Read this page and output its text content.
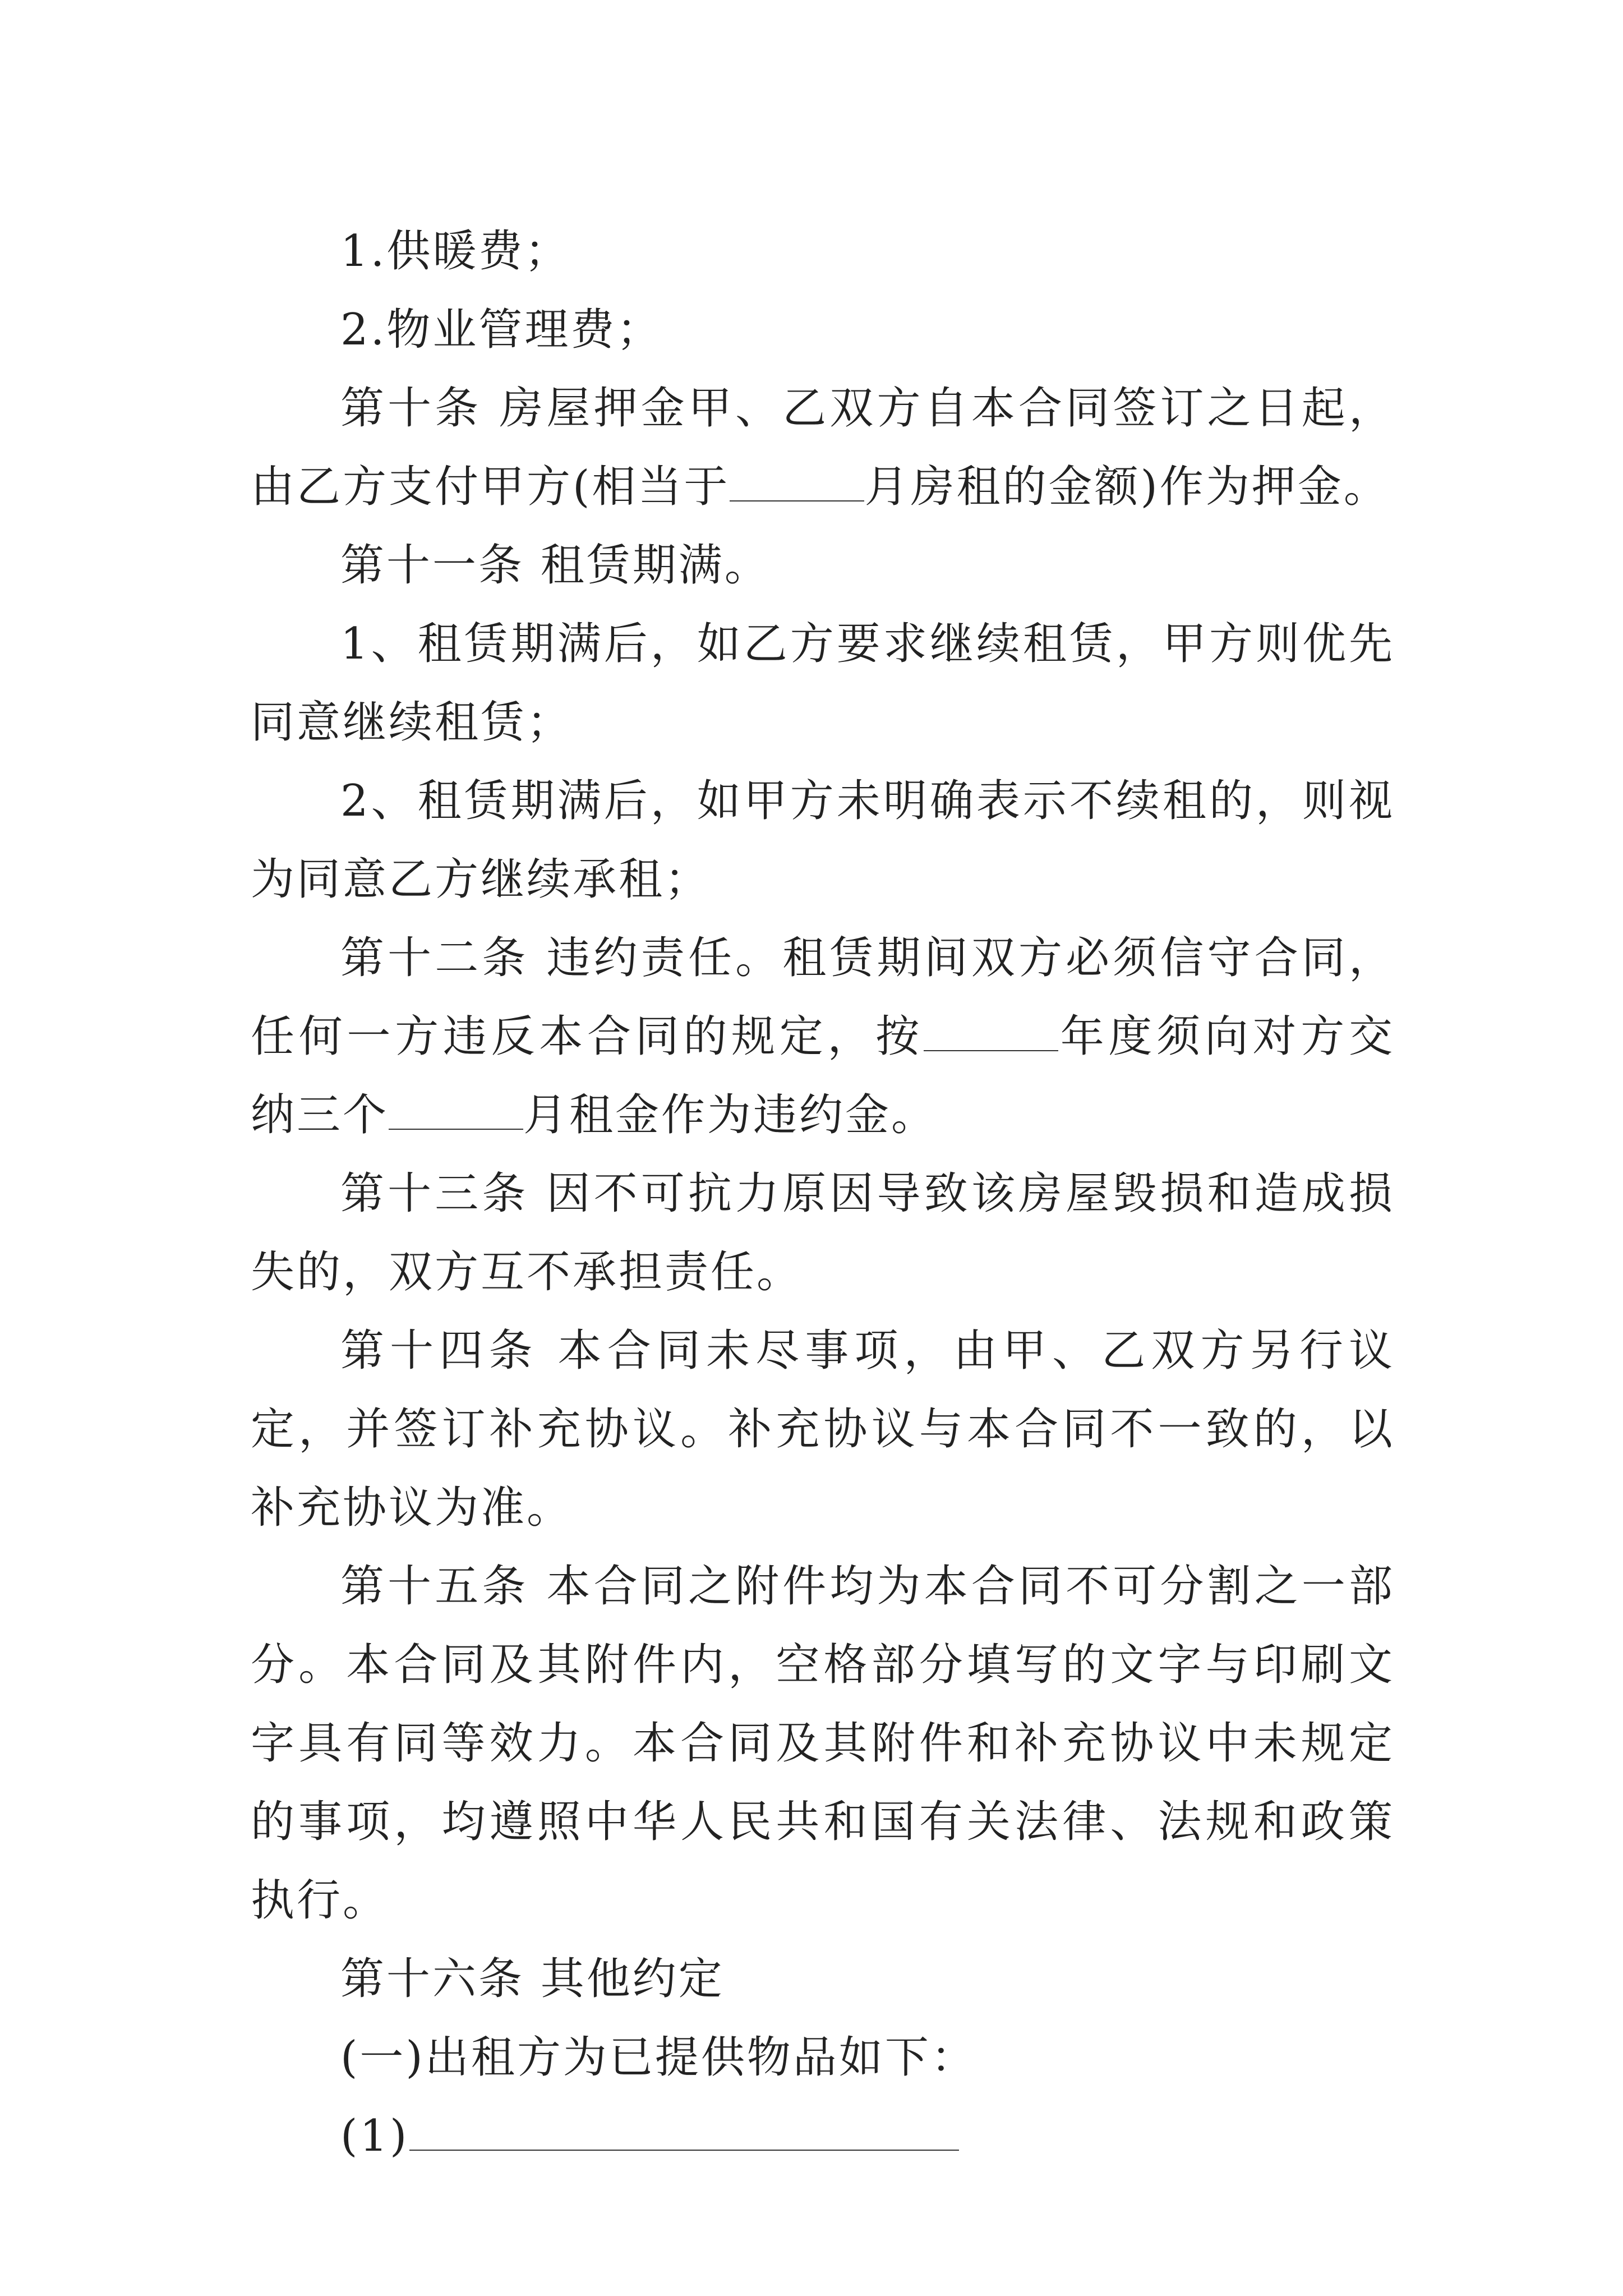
1.供暖费；

2.物业管理费；

第十条 房屋押金甲、乙双方自本合同签订之日起，由乙方支付甲方(相当于	月房租的金额)作为押金。

第十一条 租赁期满。

1、租赁期满后，如乙方要求继续租赁，甲方则优先同意继续租赁；

2、租赁期满后，如甲方未明确表示不续租的，则视为同意乙方继续承租；

第十二条 违约责任。租赁期间双方必须信守合同，任何一方违反本合同的规定，按	年度须向对方交纳三个	月租金作为违约金。

第十三条 因不可抗力原因导致该房屋毁损和造成损失的，双方互不承担责任。

第十四条 本合同未尽事项，由甲、乙双方另行议定，并签订补充协议。补充协议与本合同不一致的，以补充协议为准。

第十五条 本合同之附件均为本合同不可分割之一部分。本合同及其附件内，空格部分填写的文字与印刷文字具有同等效力。本合同及其附件和补充协议中未规定的事项，均遵照中华人民共和国有关法律、法规和政策执行。

第十六条 其他约定

(一)出租方为已提供物品如下：

(1)
